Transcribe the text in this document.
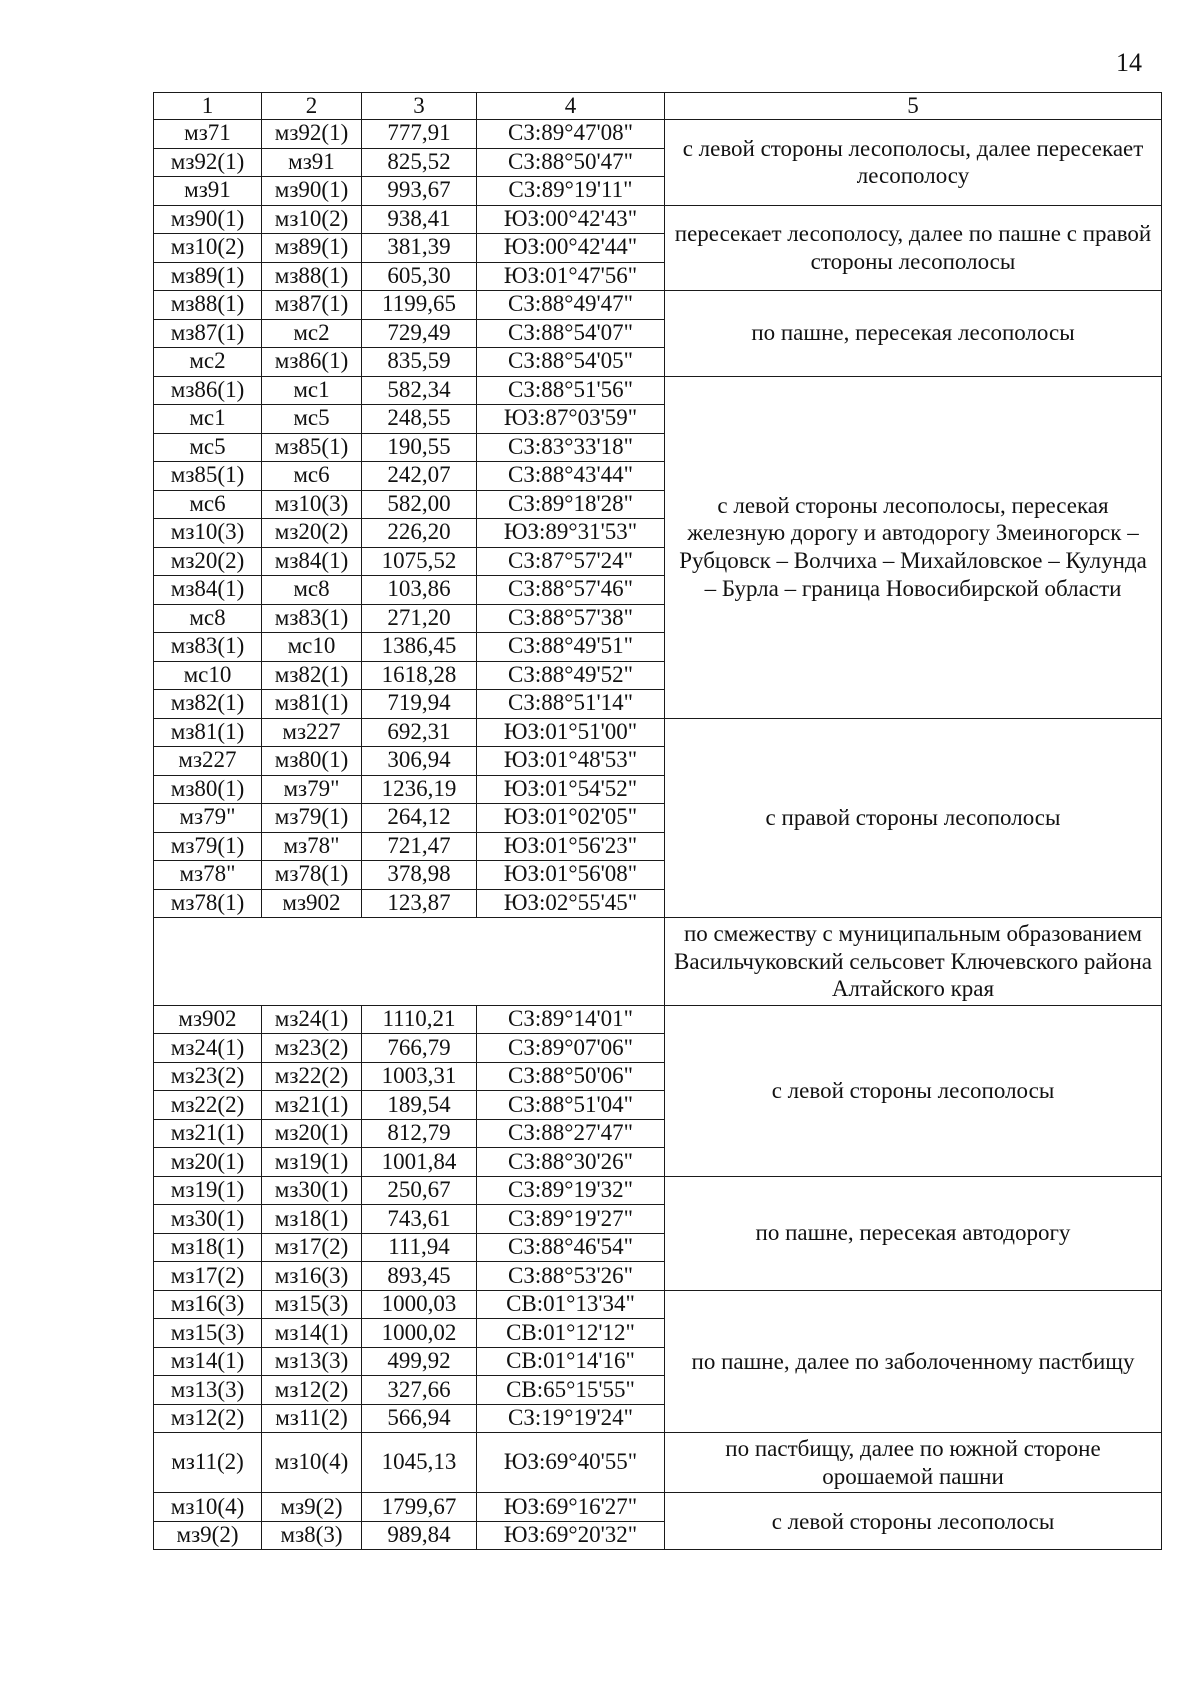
14
1	2	3	4	5
мз71	мз92(1)	777,91	СЗ:89°47'08"	с левой стороны лесополосы, далее пересекает лесополосу
мз92(1)	мз91	825,52	СЗ:88°50'47"	
мз91	мз90(1)	993,67	СЗ:89°19'11"	
мз90(1)	мз10(2)	938,41	ЮЗ:00°42'43"	пересекает лесополосу, далее по пашне с правой стороны лесополосы
мз10(2)	мз89(1)	381,39	ЮЗ:00°42'44"	
мз89(1)	мз88(1)	605,30	ЮЗ:01°47'56"	
мз88(1)	мз87(1)	1199,65	СЗ:88°49'47"	по пашне, пересекая лесополосы
мз87(1)	мс2	729,49	СЗ:88°54'07"	
мс2	мз86(1)	835,59	СЗ:88°54'05"	
мз86(1)	мс1	582,34	СЗ:88°51'56"	с левой стороны лесополосы, пересекая железную дорогу и автодорогу Змеиногорск – Рубцовск – Волчиха – Михайловское – Кулунда – Бурла – граница Новосибирской области
мс1	мс5	248,55	ЮЗ:87°03'59"	
мс5	мз85(1)	190,55	СЗ:83°33'18"	
мз85(1)	мс6	242,07	СЗ:88°43'44"	
мс6	мз10(3)	582,00	СЗ:89°18'28"	
мз10(3)	мз20(2)	226,20	ЮЗ:89°31'53"	
мз20(2)	мз84(1)	1075,52	СЗ:87°57'24"	
мз84(1)	мс8	103,86	СЗ:88°57'46"	
мс8	мз83(1)	271,20	СЗ:88°57'38"	
мз83(1)	мс10	1386,45	СЗ:88°49'51"	
мс10	мз82(1)	1618,28	СЗ:88°49'52"	
мз82(1)	мз81(1)	719,94	СЗ:88°51'14"	
мз81(1)	мз227	692,31	ЮЗ:01°51'00"	с правой стороны лесополосы
мз227	мз80(1)	306,94	ЮЗ:01°48'53"	
мз80(1)	мз79"	1236,19	ЮЗ:01°54'52"	
мз79"	мз79(1)	264,12	ЮЗ:01°02'05"	
мз79(1)	мз78"	721,47	ЮЗ:01°56'23"	
мз78"	мз78(1)	378,98	ЮЗ:01°56'08"	
мз78(1)	мз902	123,87	ЮЗ:02°55'45"	
				по смежеству с муниципальным образованием Васильчуковский сельсовет Ключевского района Алтайского края
мз902	мз24(1)	1110,21	СЗ:89°14'01"	с левой стороны лесополосы
мз24(1)	мз23(2)	766,79	СЗ:89°07'06"	
мз23(2)	мз22(2)	1003,31	СЗ:88°50'06"	
мз22(2)	мз21(1)	189,54	СЗ:88°51'04"	
мз21(1)	мз20(1)	812,79	СЗ:88°27'47"	
мз20(1)	мз19(1)	1001,84	СЗ:88°30'26"	
мз19(1)	мз30(1)	250,67	СЗ:89°19'32"	по пашне, пересекая автодорогу
мз30(1)	мз18(1)	743,61	СЗ:89°19'27"	
мз18(1)	мз17(2)	111,94	СЗ:88°46'54"	
мз17(2)	мз16(3)	893,45	СЗ:88°53'26"	
мз16(3)	мз15(3)	1000,03	СВ:01°13'34"	по пашне, далее по заболоченному пастбищу
мз15(3)	мз14(1)	1000,02	СВ:01°12'12"	
мз14(1)	мз13(3)	499,92	СВ:01°14'16"	
мз13(3)	мз12(2)	327,66	СВ:65°15'55"	
мз12(2)	мз11(2)	566,94	СЗ:19°19'24"	
мз11(2)	мз10(4)	1045,13	ЮЗ:69°40'55"	по пастбищу, далее по южной стороне орошаемой пашни
мз10(4)	мз9(2)	1799,67	ЮЗ:69°16'27"	с левой стороны лесополосы
мз9(2)	мз8(3)	989,84	ЮЗ:69°20'32"	
